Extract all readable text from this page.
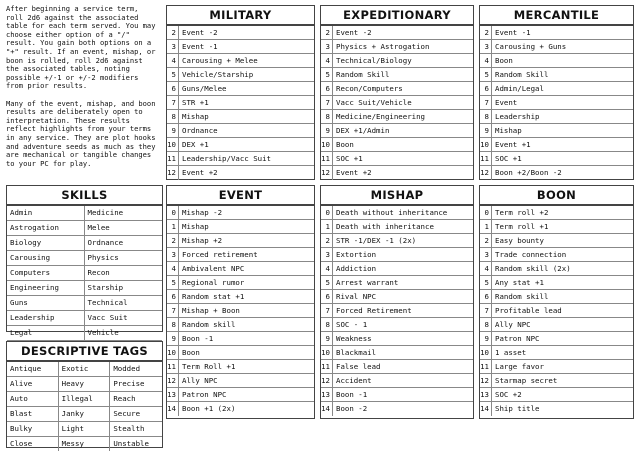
After beginning a service term,
roll 2d6 against the associated
table for each term served. You may
choose either option of a "/"
result. You gain both options on a
"+" result. If an event, mishap, or
boon is rolled, roll 2d6 against
the associated tables, noting
possible +/-1 or +/-2 modifiers
from prior results.

Many of the event, mishap, and boon
results are deliberately open to
interpretation. These results
reflect highlights from your terms
in any service. They are plot hooks
and adventure seeds as much as they
are mechanical or tangible changes
to your PC for play.
MILITARY
2 Event -2
3 Event -1
4 Carousing + Melee
5 Vehicle/Starship
6 Guns/Melee
7 STR +1
8 Mishap
9 Ordnance
10 DEX +1
11 Leadership/Vacc Suit
12 Event +2
EXPEDITIONARY
2 Event -2
3 Physics + Astrogation
4 Technical/Biology
5 Random Skill
6 Recon/Computers
7 Vacc Suit/Vehicle
8 Medicine/Engineering
9 DEX +1/Admin
10 Boon
11 SOC +1
12 Event +2
MERCANTILE
2 Event -1
3 Carousing + Guns
4 Boon
5 Random Skill
6 Admin/Legal
7 Event
8 Leadership
9 Mishap
10 Event +1
11 SOC +1
12 Boon +2/Boon -2
SKILLS
Admin	Medicine
Astrogation	Melee
Biology	Ordnance
Carousing	Physics
Computers	Recon
Engineering	Starship
Guns	Technical
Leadership	Vacc Suit
Legal	Vehicle
DESCRIPTIVE TAGS
Antique	Exotic	Modded
Alive	Heavy	Precise
Auto	Illegal	Reach
Blast	Janky	Secure
Bulky	Light	Stealth
Close	Messy	Unstable
EVENT
0 Mishap -2
1 Mishap
2 Mishap +2
3 Forced retirement
4 Ambivalent NPC
5 Regional rumor
6 Random stat +1
7 Mishap + Boon
8 Random skill
9 Boon -1
10 Boon
11 Term Roll +1
12 Ally NPC
13 Patron NPC
14 Boon +1 (2x)
MISHAP
0 Death without inheritance
1 Death with inheritance
2 STR -1/DEX -1 (2x)
3 Extortion
4 Addiction
5 Arrest warrant
6 Rival NPC
7 Forced Retirement
8 SOC - 1
9 Weakness
10 Blackmail
11 False lead
12 Accident
13 Boon -1
14 Boon -2
BOON
0 Term roll +2
1 Term roll +1
2 Easy bounty
3 Trade connection
4 Random skill (2x)
5 Any stat +1
6 Random skill
7 Profitable lead
8 Ally NPC
9 Patron NPC
10 1 asset
11 Large favor
12 Starmap secret
13 SOC +2
14 Ship title
